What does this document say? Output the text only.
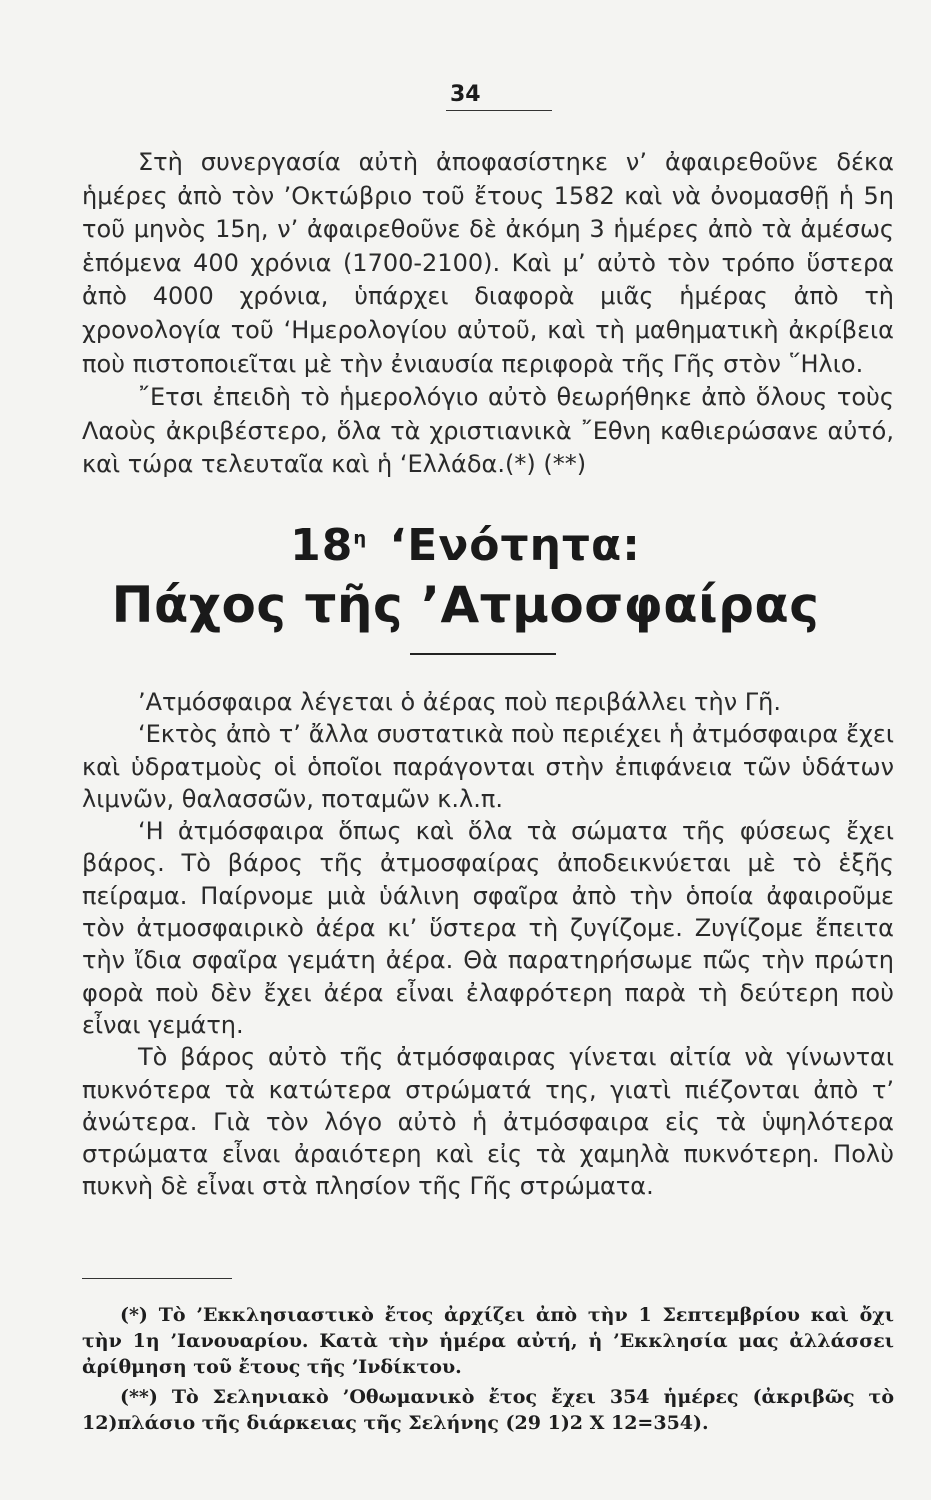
34

Στὴ συνεργασία αὐτὴ ἀποφασίστηκε ν’ ἀφαιρεθοῦνε δέκα ἡμέρες ἀπὸ τὸν ’Οκτώβριο τοῦ ἔτους 1582 καὶ νὰ ὀνομασθῇ ἡ 5η τοῦ μηνὸς 15η, ν’ ἀφαιρεθοῦνε δὲ ἀκόμη 3 ἡμέρες ἀπὸ τὰ ἀμέσως ἑπόμενα 400 χρόνια (1700-2100). Καὶ μ’ αὐτὸ τὸν τρόπο ὕστερα ἀπὸ 4000 χρόνια, ὑπάρχει διαφορὰ μιᾶς ἡμέρας ἀπὸ τὴ χρονολογία τοῦ ‘Ημερολογίου αὐτοῦ, καὶ τὴ μαθηματικὴ ἀκρίβεια ποὺ πιστοποιεῖται μὲ τὴν ἐνιαυσία περιφορὰ τῆς Γῆς στὸν ῞Ηλιο.

῎Ετσι ἐπειδὴ τὸ ἡμερολόγιο αὐτὸ θεωρήθηκε ἀπὸ ὅλους τοὺς Λαοὺς ἀκριβέστερο, ὅλα τὰ χριστιανικὰ ῎Εθνη καθιερώσανε αὐτό, καὶ τώρα τελευταῖα καὶ ἡ ‘Ελλάδα.(*) (**)

$18^\eta$ ‘Ενότητα:
Πάχος τῆς ’Ατμοσφαίρας

’Ατμόσφαιρα λέγεται ὁ ἀέρας ποὺ περιβάλλει τὴν Γῆ.

‘Εκτὸς ἀπὸ τ’ ἄλλα συστατικὰ ποὺ περιέχει ἡ ἀτμόσφαιρα ἔχει καὶ ὑδρατμοὺς οἱ ὁποῖοι παράγονται στὴν ἐπιφάνεια τῶν ὑδάτων λιμνῶν, θαλασσῶν, ποταμῶν κ.λ.π.

‘Η ἀτμόσφαιρα ὅπως καὶ ὅλα τὰ σώματα τῆς φύσεως ἔχει βάρος. Τὸ βάρος τῆς ἀτμοσφαίρας ἀποδεικνύεται μὲ τὸ ἑξῆς πείραμα. Παίρνομε μιὰ ὑάλινη σφαῖρα ἀπὸ τὴν ὁποία ἀφαιροῦμε τὸν ἀτμοσφαιρικὸ ἀέρα κι’ ὕστερα τὴ ζυγίζομε. Ζυγίζομε ἔπειτα τὴν ἴδια σφαῖρα γεμάτη ἀέρα. Θὰ παρατηρήσωμε πῶς τὴν πρώτη φορὰ ποὺ δὲν ἔχει ἀέρα εἶναι ἐλαφρότερη παρὰ τὴ δεύτερη ποὺ εἶναι γεμάτη.

Τὸ βάρος αὐτὸ τῆς ἀτμόσφαιρας γίνεται αἰτία νὰ γίνωνται πυκνότερα τὰ κατώτερα στρώματά της, γιατὶ πιέζονται ἀπὸ τ’ ἀνώτερα. Γιὰ τὸν λόγο αὐτὸ ἡ ἀτμόσφαιρα εἰς τὰ ὑψηλότερα στρώματα εἶναι ἀραιότερη καὶ εἰς τὰ χαμηλὰ πυκνότερη. Πολὺ πυκνὴ δὲ εἶναι στὰ πλησίον τῆς Γῆς στρώματα.

(*) Τὸ ’Εκκλησιαστικὸ ἔτος ἀρχίζει ἀπὸ τὴν 1 Σεπτεμβρίου καὶ ὄχι τὴν 1η ’Ιανουαρίου. Κατὰ τὴν ἡμέρα αὐτή, ἡ ’Εκκλησία μας ἀλλάσσει ἀρίθμηση τοῦ ἔτους τῆς ’Ινδίκτου.

(**) Τὸ Σεληνιακὸ ’Οθωμανικὸ ἔτος ἔχει 354 ἡμέρες (ἀκριβῶς τὸ 12)πλάσιο τῆς διάρκειας τῆς Σελήνης (29 1)2 Χ 12=354).
